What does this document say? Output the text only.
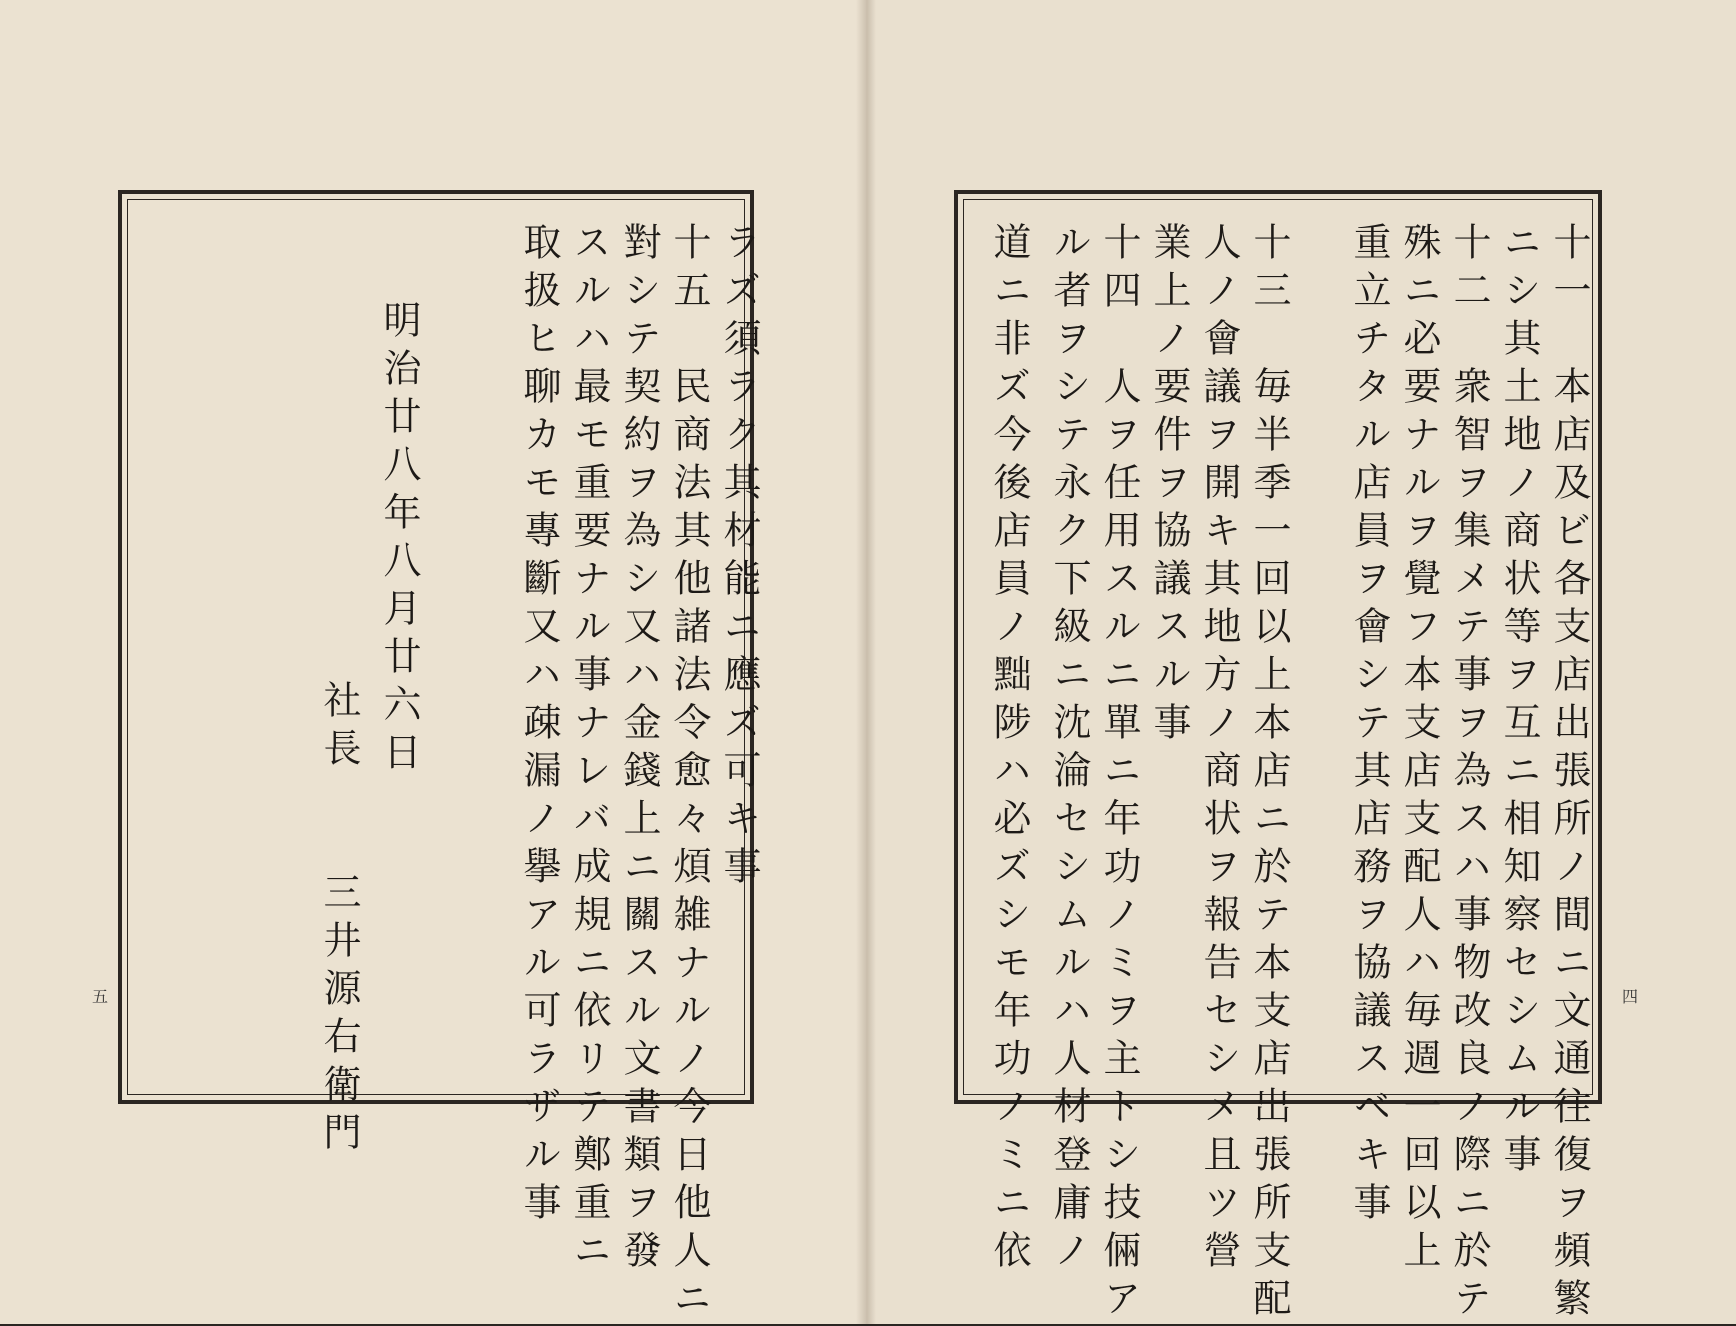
十一　本店及ビ各支店出張所ノ間ニ文通往復ヲ頻繁
ニシ其土地ノ商状等ヲ互ニ相知察セシムル事
十二　衆智ヲ集メテ事ヲ為スハ事物改良ノ際ニ於テ
殊ニ必要ナルヲ覺フ本支店支配人ハ毎週一回以上
重立チタル店員ヲ會シテ其店務ヲ協議スベキ事
十三　毎半季一回以上本店ニ於テ本支店出張所支配
人ノ會議ヲ開キ其地方ノ商状ヲ報告セシメ且ツ營
業上ノ要件ヲ協議スル事
十四　人ヲ任用スルニ單ニ年功ノミヲ主トシ技倆ア
ル者ヲシテ永ク下級ニ沈淪セシムルハ人材登庸ノ
道ニ非ズ今後店員ノ黜陟ハ必ズシモ年功ノミニ依	四
ラズ須ラク其材能ニ應ズ可キ事
十五　民商法其他諸法令愈々煩雑ナルノ今日他人ニ
對シテ契約ヲ為シ又ハ金錢上ニ關スル文書類ヲ發
スルハ最モ重要ナル事ナレバ成規ニ依リテ鄭重ニ
取扱ヒ聊カモ專斷又ハ疎漏ノ擧アル可ラザル事
明治廿八年八月廿六日
社長　　三井源右衛門
五
